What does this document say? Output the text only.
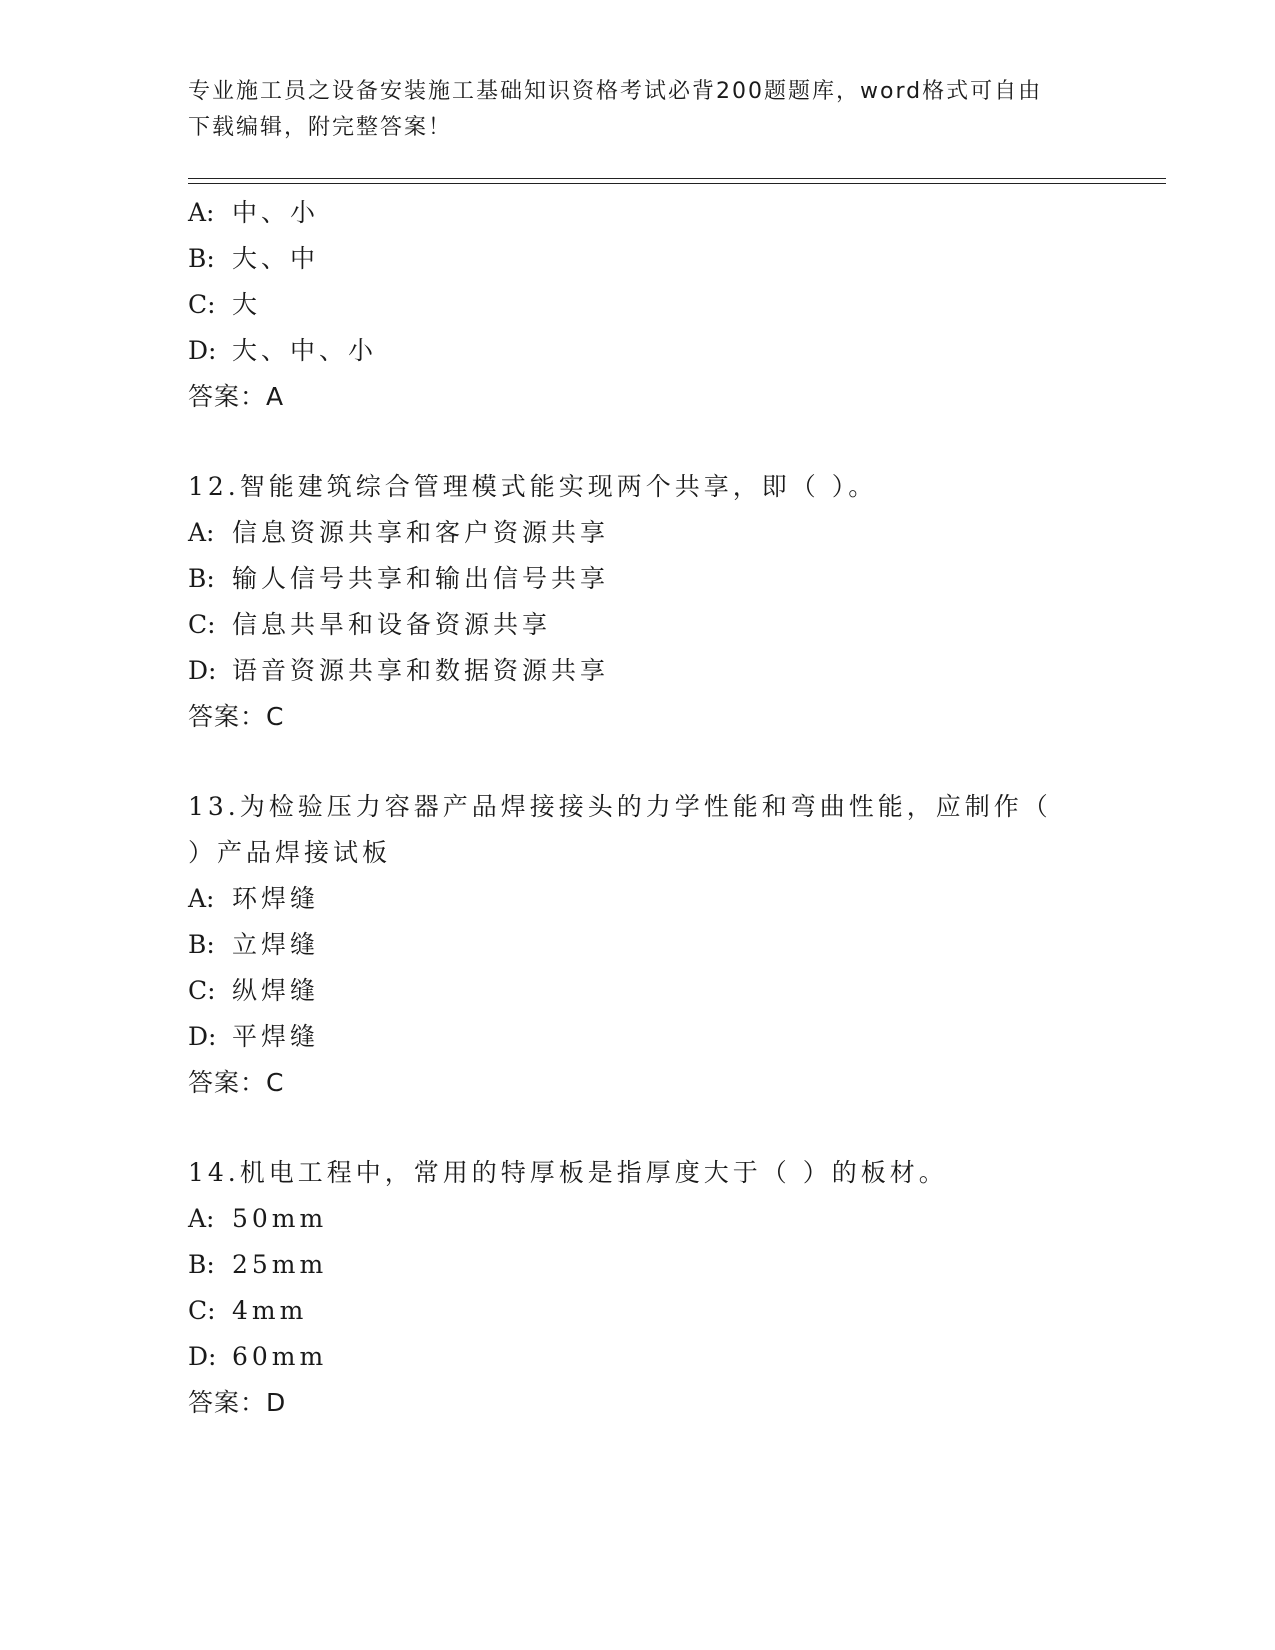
专业施工员之设备安装施工基础知识资格考试必背200题题库，word格式可自由
下载编辑，附完整答案！
A: 中、小
B: 大、中
C: 大
D: 大、中、小
答案：A
12.智能建筑综合管理模式能实现两个共享，即（ ）。
A: 信息资源共享和客户资源共享
B: 输人信号共享和输出信号共享
C: 信息共旱和设备资源共享
D: 语音资源共享和数据资源共享
答案：C
13.为检验压力容器产品焊接接头的力学性能和弯曲性能，应制作（
）产品焊接试板
A: 环焊缝
B: 立焊缝
C: 纵焊缝
D: 平焊缝
答案：C
14.机电工程中，常用的特厚板是指厚度大于（ ）的板材。
A: 50mm
B: 25mm
C: 4mm
D: 60mm
答案：D
